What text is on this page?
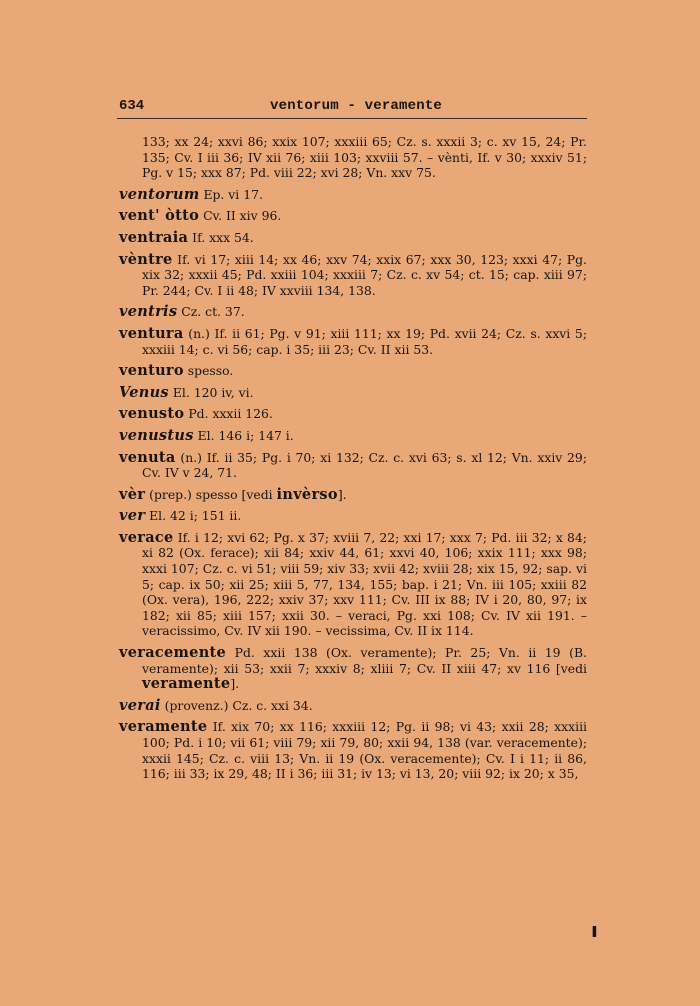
634	ventorum - veramente

133; xx 24; xxvi 86; xxix 107; xxxiii 65; Cz. s. xxxii 3; c. xv 15, 24; Pr. 135; Cv. I iii 36; IV xii 76; xiii 103; xxviii 57. – vènti, If. v 30; xxxiv 51; Pg. v 15; xxx 87; Pd. viii 22; xvi 28; Vn. xxv 75.

ventorum Ep. vi 17.

vent' òtto Cv. II xiv 96.

ventraia If. xxx 54.

vèntre If. vi 17; xiii 14; xx 46; xxv 74; xxix 67; xxx 30, 123; xxxi 47; Pg. xix 32; xxxii 45; Pd. xxiii 104; xxxiii 7; Cz. c. xv 54; ct. 15; cap. xiii 97; Pr. 244; Cv. I ii 48; IV xxviii 134, 138.

ventris Cz. ct. 37.

ventura (n.) If. ii 61; Pg. v 91; xiii 111; xx 19; Pd. xvii 24; Cz. s. xxvi 5; xxxiii 14; c. vi 56; cap. i 35; iii 23; Cv. II xii 53.

venturo spesso.

Venus El. 120 iv, vi.

venusto Pd. xxxii 126.

venustus El. 146 i; 147 i.

venuta (n.) If. ii 35; Pg. i 70; xi 132; Cz. c. xvi 63; s. xl 12; Vn. xxiv 29; Cv. IV v 24, 71.

vèr (prep.) spesso [vedi invèrso].

ver El. 42 i; 151 ii.

verace If. i 12; xvi 62; Pg. x 37; xviii 7, 22; xxi 17; xxx 7; Pd. iii 32; x 84; xi 82 (Ox. ferace); xii 84; xxiv 44, 61; xxvi 40, 106; xxix 111; xxx 98; xxxi 107; Cz. c. vi 51; viii 59; xiv 33; xvii 42; xviii 28; xix 15, 92; sap. vi 5; cap. ix 50; xii 25; xiii 5, 77, 134, 155; bap. i 21; Vn. iii 105; xxiii 82 (Ox. vera), 196, 222; xxiv 37; xxv 111; Cv. III ix 88; IV i 20, 80, 97; ix 182; xii 85; xiii 157; xxii 30. – veraci, Pg. xxi 108; Cv. IV xii 191. – veracissimo, Cv. IV xii 190. – vecissima, Cv. II ix 114.

veracemente Pd. xxii 138 (Ox. veramente); Pr. 25; Vn. ii 19 (B. veramente); xii 53; xxii 7; xxxiv 8; xliii 7; Cv. II xiii 47; xv 116 [vedi veramente].

verai (provenz.) Cz. c. xxi 34.

veramente If. xix 70; xx 116; xxxiii 12; Pg. ii 98; vi 43; xxii 28; xxxiii 100; Pd. i 10; vii 61; viii 79; xii 79, 80; xxii 94, 138 (var. veracemente); xxxii 145; Cz. c. viii 13; Vn. ii 19 (Ox. veracemente); Cv. I i 11; ii 86, 116; iii 33; ix 29, 48; II i 36; iii 31; iv 13; vi 13, 20; viii 92; ix 20; x 35,

ı
